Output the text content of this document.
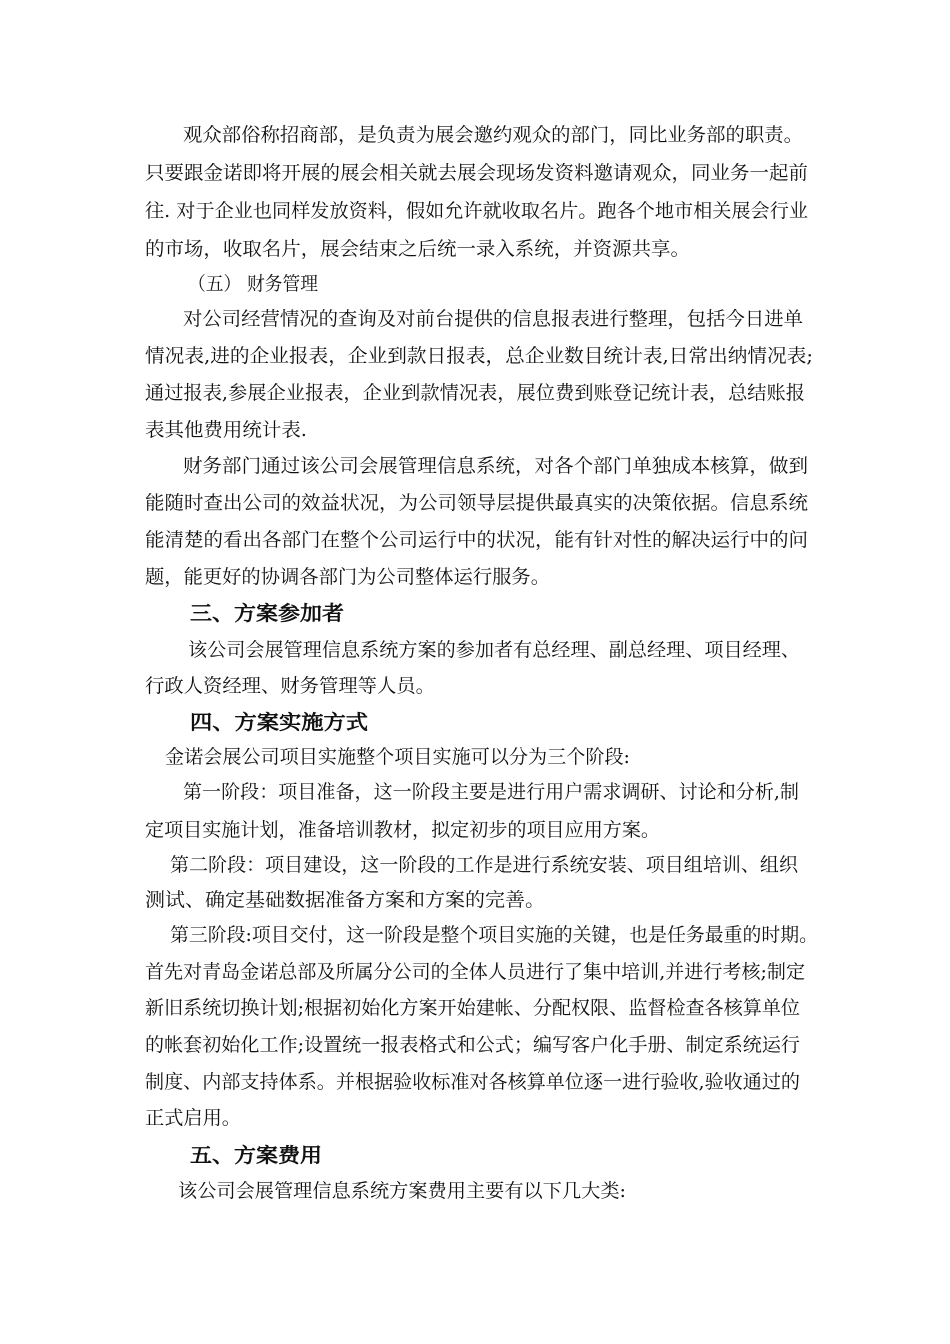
观众部俗称招商部，是负责为展会邀约观众的部门，同比业务部的职责。
只要跟金诺即将开展的展会相关就去展会现场发资料邀请观众，同业务一起前
往. 对于企业也同样发放资料，假如允许就收取名片。跑各个地市相关展会行业
的市场，收取名片，展会结束之后统一录入系统，并资源共享。
（五） 财务管理
对公司经营情况的查询及对前台提供的信息报表进行整理，包括今日进单
情况表,进的企业报表，企业到款日报表，总企业数目统计表,日常出纳情况表;
通过报表,参展企业报表，企业到款情况表，展位费到账登记统计表，总结账报
表其他费用统计表.
财务部门通过该公司会展管理信息系统，对各个部门单独成本核算，做到
能随时查出公司的效益状况，为公司领导层提供最真实的决策依据。信息系统
能清楚的看出各部门在整个公司运行中的状况，能有针对性的解决运行中的问
题，能更好的协调各部门为公司整体运行服务。
三、方案参加者
该公司会展管理信息系统方案的参加者有总经理、副总经理、项目经理、
行政人资经理、财务管理等人员。
四、方案实施方式
金诺会展公司项目实施整个项目实施可以分为三个阶段:
第一阶段：项目准备，这一阶段主要是进行用户需求调研、讨论和分析,制
定项目实施计划，准备培训教材，拟定初步的项目应用方案。
第二阶段：项目建设，这一阶段的工作是进行系统安装、项目组培训、组织
测试、确定基础数据准备方案和方案的完善。
第三阶段:项目交付，这一阶段是整个项目实施的关键，也是任务最重的时期。
首先对青岛金诺总部及所属分公司的全体人员进行了集中培训,并进行考核;制定
新旧系统切换计划;根据初始化方案开始建帐、分配权限、监督检查各核算单位
的帐套初始化工作;设置统一报表格式和公式；编写客户化手册、制定系统运行
制度、内部支持体系。并根据验收标准对各核算单位逐一进行验收,验收通过的
正式启用。
五、方案费用
该公司会展管理信息系统方案费用主要有以下几大类:
